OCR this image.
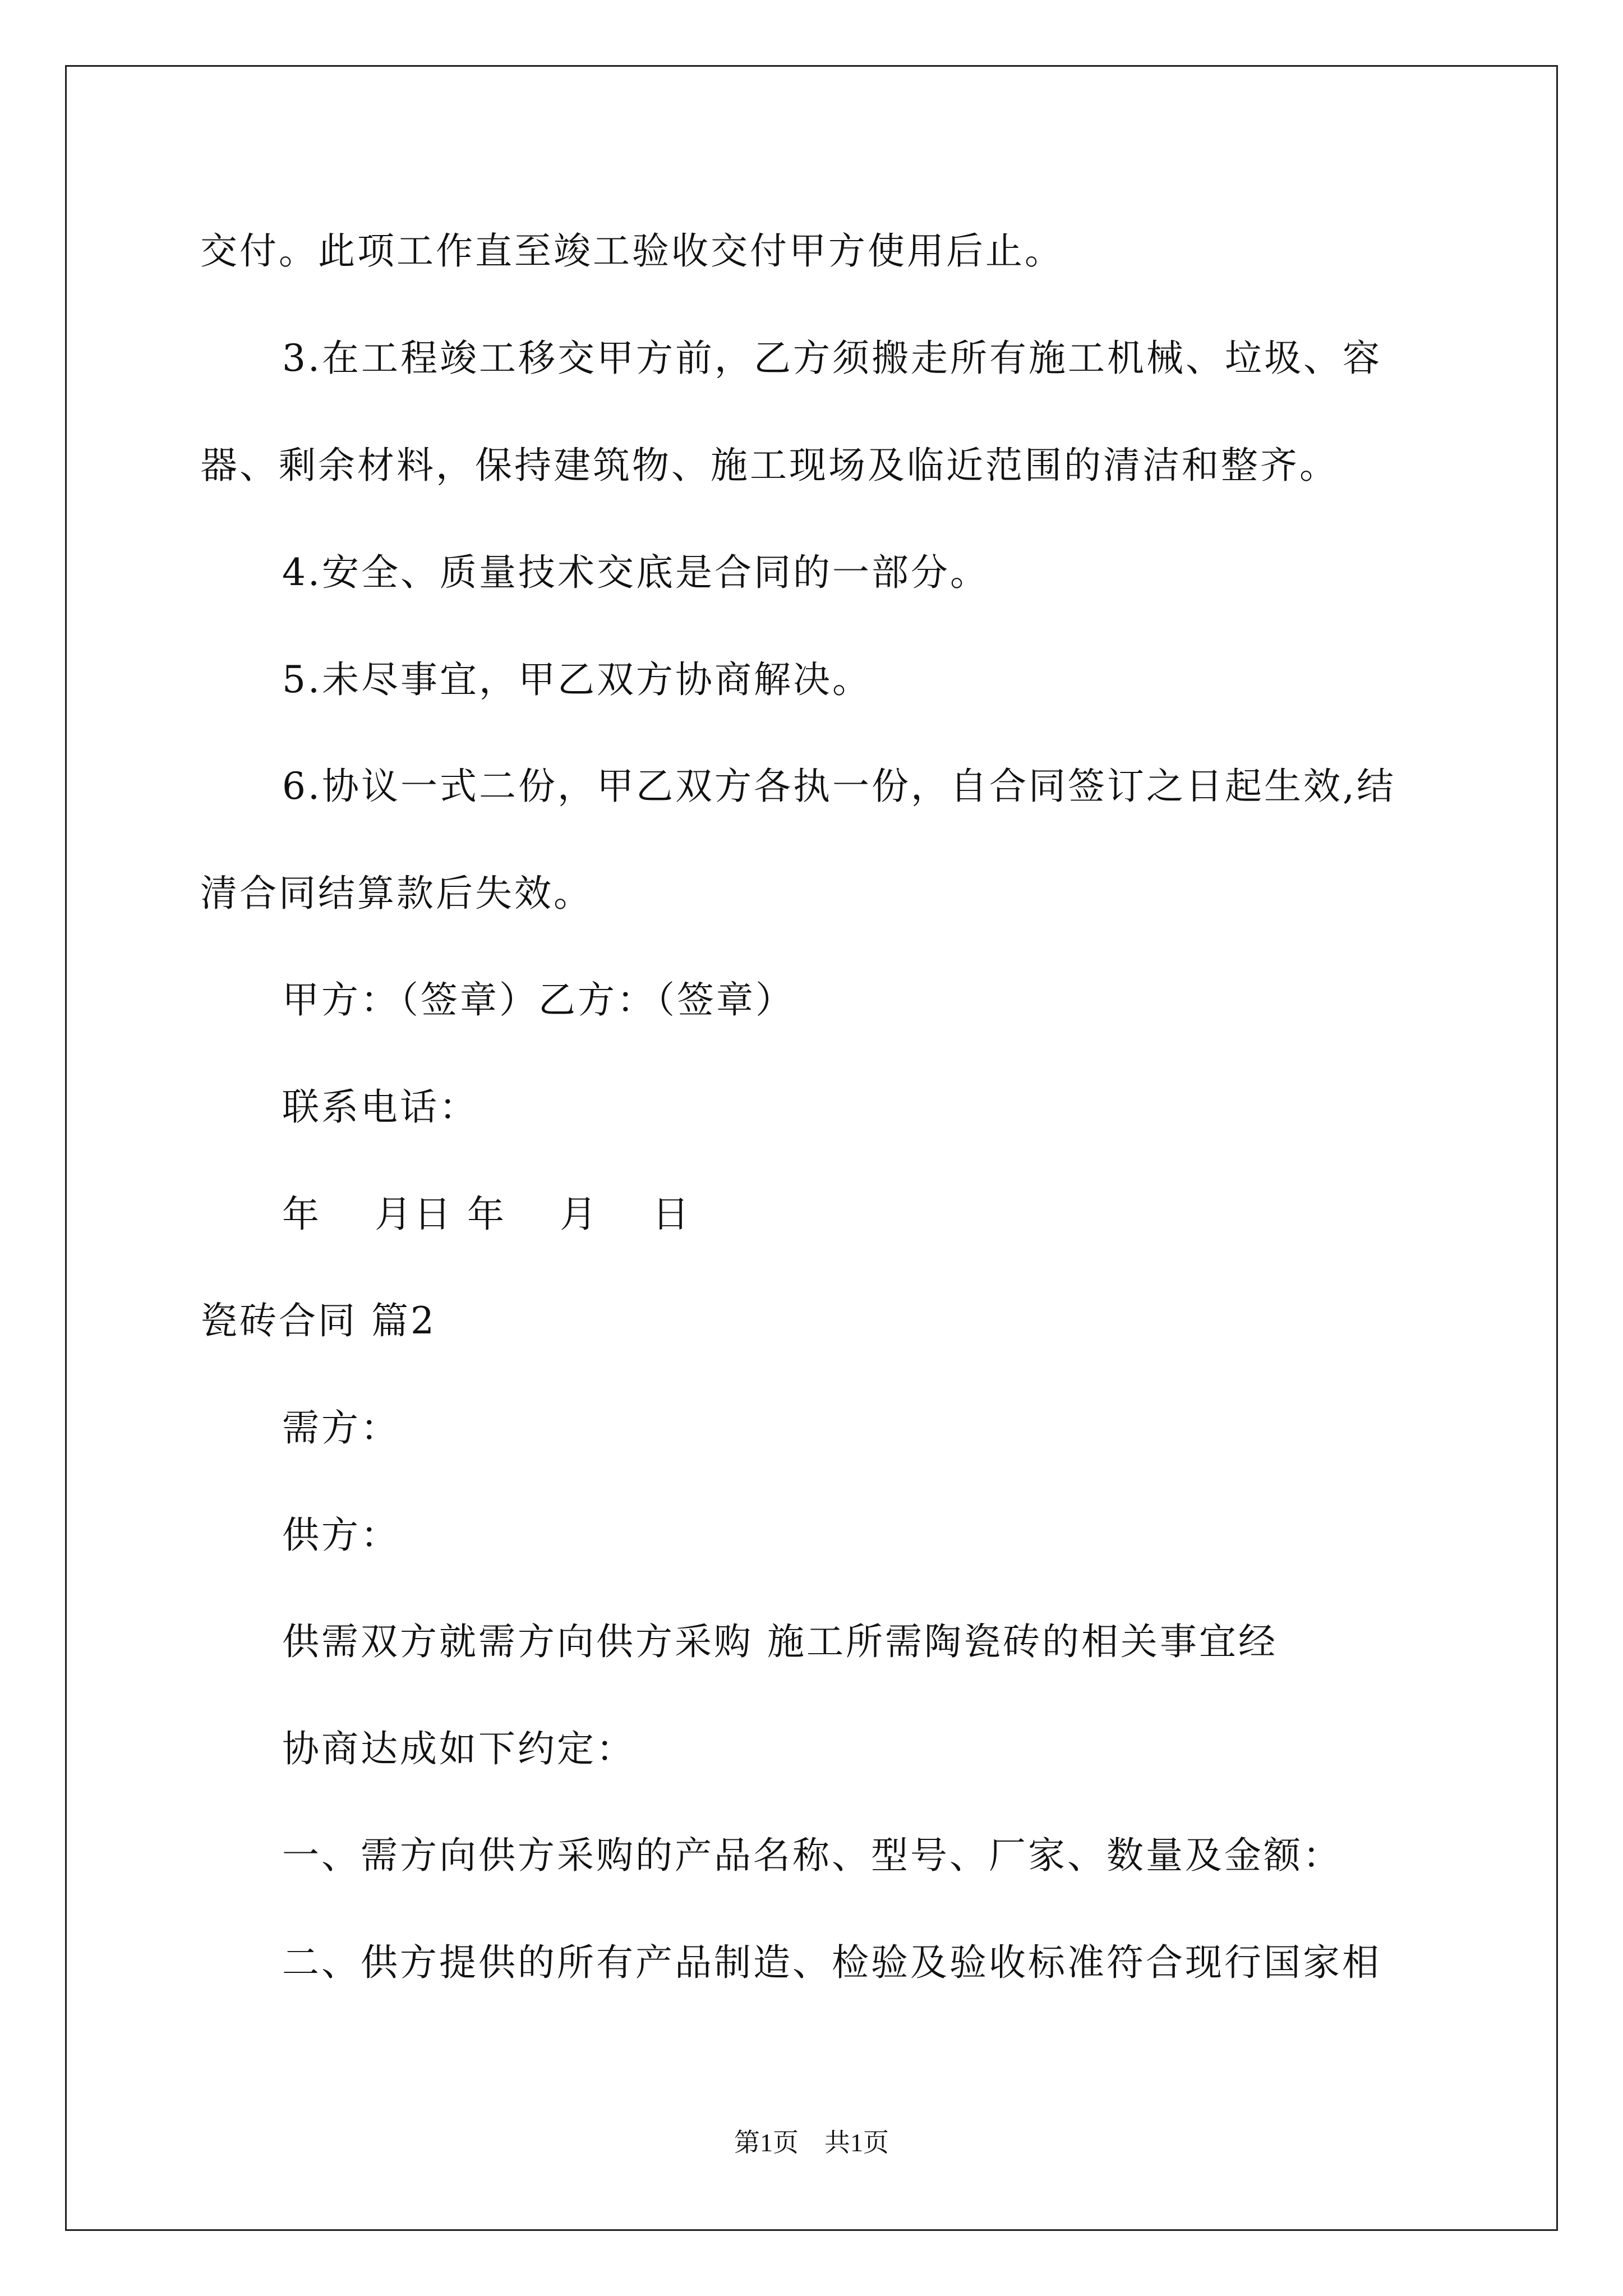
交付。此项工作直至竣工验收交付甲方使用后止。
3.在工程竣工移交甲方前，乙方须搬走所有施工机械、垃圾、容
器、剩余材料，保持建筑物、施工现场及临近范围的清洁和整齐。
4.安全、质量技术交底是合同的一部分。
5.未尽事宜，甲乙双方协商解决。
6.协议一式二份，甲乙双方各执一份，自合同签订之日起生效,结
清合同结算款后失效。
甲方：（签章）乙方：（签章）
联系电话：
年　 月日 年　 月　 日
瓷砖合同 篇2
需方：
供方：
供需双方就需方向供方采购 施工所需陶瓷砖的相关事宜经
协商达成如下约定：
一、需方向供方采购的产品名称、型号、厂家、数量及金额：
二、供方提供的所有产品制造、检验及验收标准符合现行国家相
第1页　共1页
